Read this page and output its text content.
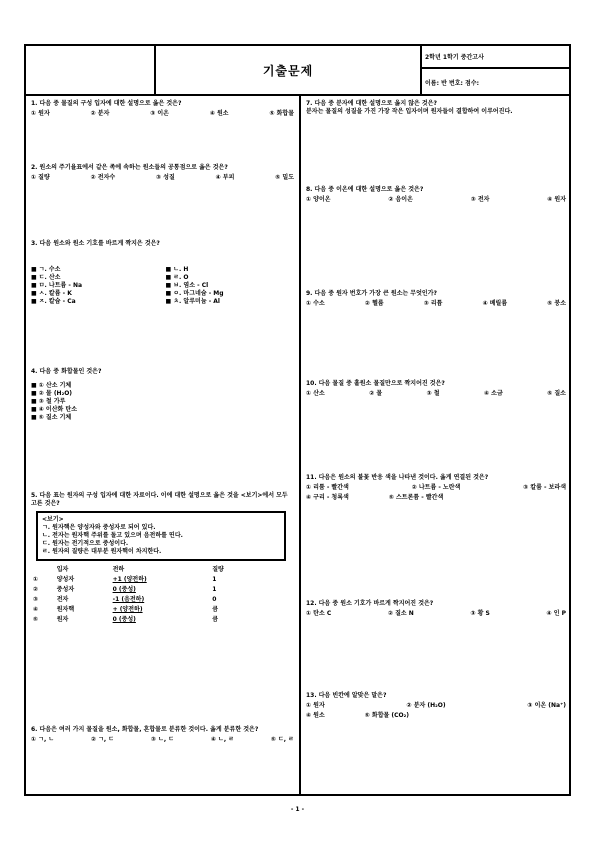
기출문제
2학년 1학기 중간고사
이름: 반 번호: 점수:
1. 다음 중 물질의 구성 입자에 대한 설명으로 옳은 것은?
① 원자	② 분자	③ 이온	④ 원소	⑤ 화합물
2. 원소의 주기율표에서 같은 족에 속하는 원소들의 공통점으로 옳은 것은?
① 질량	② 전자수	③ 성질	④ 부피	⑤ 밀도
3. 다음 원소와 원소 기호를 바르게 짝지은 것은?
■ ㄱ. 수소	■ ㄴ. H
■ ㄷ. 산소	■ ㄹ. O
■ ㅁ. 나트륨 - Na	■ ㅂ. 염소 - Cl
■ ㅅ. 칼륨 - K	■ ㅇ. 마그네슘 - Mg
■ ㅈ. 칼슘 - Ca	■ ㅊ. 알루미늄 - Al
4. 다음 중 화합물인 것은?
■ ① 산소 기체
■ ② 물 (H₂O)
■ ③ 철 가루
■ ④ 이산화 탄소
■ ⑤ 질소 기체
5. 다음 표는 원자의 구성 입자에 대한 자료이다. 이에 대한 설명으로 옳은 것을 <보기>에서 모두 고른 것은?
<보기>
ㄱ. 원자핵은 양성자와 중성자로 되어 있다.
ㄴ. 전자는 원자핵 주위를 돌고 있으며 음전하를 띤다.
ㄷ. 원자는 전기적으로 중성이다.
ㄹ. 원자의 질량은 대부분 원자핵이 차지한다.
	입자	전하	질량
①	양성자	+1 (양전하)	1
②	중성자	0 (중성)	1
③	전자	-1 (음전하)	0
④	원자핵	+ (양전하)	큼
⑤	원자	0 (중성)	큼
6. 다음은 여러 가지 물질을 원소, 화합물, 혼합물로 분류한 것이다. 옳게 분류한 것은?
① ㄱ, ㄴ	② ㄱ, ㄷ	③ ㄴ, ㄷ	④ ㄴ, ㄹ	⑤ ㄷ, ㄹ
7. 다음 중 분자에 대한 설명으로 옳지 않은 것은?
분자는 물질의 성질을 가진 가장 작은 입자이며 원자들이 결합하여 이루어진다.
8. 다음 중 이온에 대한 설명으로 옳은 것은?
① 양이온	② 음이온	③ 전자	④ 원자
9. 다음 중 원자 번호가 가장 큰 원소는 무엇인가?
① 수소	② 헬륨	③ 리튬	④ 베릴륨	⑤ 붕소
10. 다음 물질 중 홑원소 물질만으로 짝지어진 것은?
① 산소	② 물	③ 철	④ 소금	⑤ 질소
11. 다음은 원소의 불꽃 반응 색을 나타낸 것이다. 옳게 연결된 것은?
① 리튬 - 빨간색	② 나트륨 - 노란색	③ 칼륨 - 보라색
④ 구리 - 청록색	⑤ 스트론튬 - 빨간색
12. 다음 중 원소 기호가 바르게 짝지어진 것은?
① 탄소 C	② 질소 N	③ 황 S	④ 인 P
13. 다음 빈칸에 알맞은 말은?
① 원자	② 분자 (H₂O)	③ 이온 (Na⁺)
④ 원소	⑤ 화합물 (CO₂)
- 1 -
